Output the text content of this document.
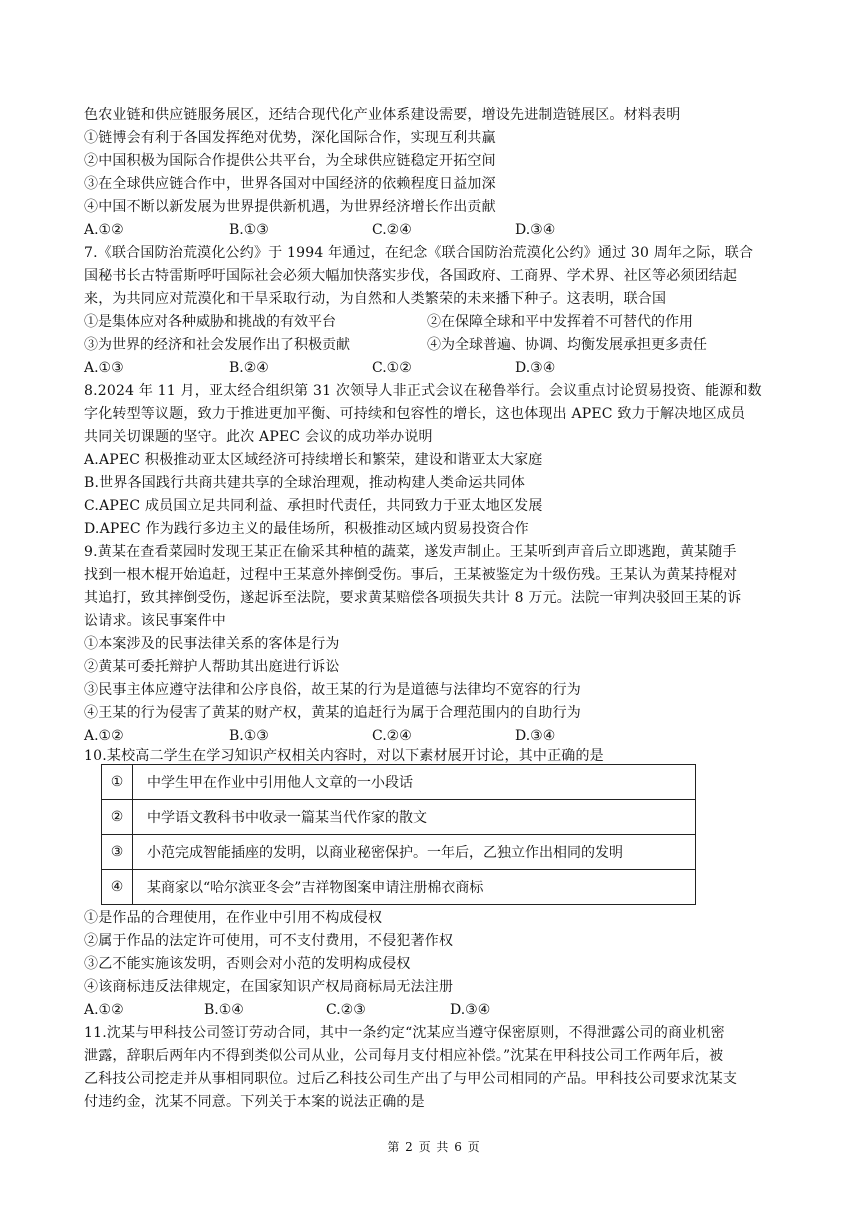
色农业链和供应链服务展区，还结合现代化产业体系建设需要，增设先进制造链展区。材料表明
①链博会有利于各国发挥绝对优势，深化国际合作，实现互利共赢
②中国积极为国际合作提供公共平台，为全球供应链稳定开拓空间
③在全球供应链合作中，世界各国对中国经济的依赖程度日益加深
④中国不断以新发展为世界提供新机遇，为世界经济增长作出贡献
A.①②	B.①③	C.②④	D.③④
7.《联合国防治荒漠化公约》于 1994 年通过，在纪念《联合国防治荒漠化公约》通过 30 周年之际，联合
国秘书长古特雷斯呼吁国际社会必须大幅加快落实步伐，各国政府、工商界、学术界、社区等必须团结起
来，为共同应对荒漠化和干旱采取行动，为自然和人类繁荣的未来播下种子。这表明，联合国
①是集体应对各种威胁和挑战的有效平台	②在保障全球和平中发挥着不可替代的作用
③为世界的经济和社会发展作出了积极贡献	④为全球普遍、协调、均衡发展承担更多责任
A.①③	B.②④	C.①②	D.③④
8.2024 年 11 月，亚太经合组织第 31 次领导人非正式会议在秘鲁举行。会议重点讨论贸易投资、能源和数
字化转型等议题，致力于推进更加平衡、可持续和包容性的增长，这也体现出 APEC 致力于解决地区成员
共同关切课题的坚守。此次 APEC 会议的成功举办说明
A.APEC 积极推动亚太区域经济可持续增长和繁荣，建设和谐亚太大家庭
B.世界各国践行共商共建共享的全球治理观，推动构建人类命运共同体
C.APEC 成员国立足共同利益、承担时代责任，共同致力于亚太地区发展
D.APEC 作为践行多边主义的最佳场所，积极推动区域内贸易投资合作
9.黄某在查看菜园时发现王某正在偷采其种植的蔬菜，遂发声制止。王某听到声音后立即逃跑，黄某随手
找到一根木棍开始追赶，过程中王某意外摔倒受伤。事后，王某被鉴定为十级伤残。王某认为黄某持棍对
其追打，致其摔倒受伤，遂起诉至法院，要求黄某赔偿各项损失共计 8 万元。法院一审判决驳回王某的诉
讼请求。该民事案件中
①本案涉及的民事法律关系的客体是行为
②黄某可委托辩护人帮助其出庭进行诉讼
③民事主体应遵守法律和公序良俗，故王某的行为是道德与法律均不宽容的行为
④王某的行为侵害了黄某的财产权，黄某的追赶行为属于合理范围内的自助行为
A.①②	B.①③	C.②④	D.③④
10.某校高二学生在学习知识产权相关内容时，对以下素材展开讨论，其中正确的是
①	中学生甲在作业中引用他人文章的一小段话
②	中学语文教科书中收录一篇某当代作家的散文
③	小范完成智能插座的发明，以商业秘密保护。一年后，乙独立作出相同的发明
④	某商家以“哈尔滨亚冬会”吉祥物图案申请注册棉衣商标
①是作品的合理使用，在作业中引用不构成侵权
②属于作品的法定许可使用，可不支付费用，不侵犯著作权
③乙不能实施该发明，否则会对小范的发明构成侵权
④该商标违反法律规定，在国家知识产权局商标局无法注册
A.①②	B.①④	C.②③	D.③④
11.沈某与甲科技公司签订劳动合同，其中一条约定“沈某应当遵守保密原则，不得泄露公司的商业机密
泄露，辞职后两年内不得到类似公司从业，公司每月支付相应补偿。”沈某在甲科技公司工作两年后，被
乙科技公司挖走并从事相同职位。过后乙科技公司生产出了与甲公司相同的产品。甲科技公司要求沈某支
付违约金，沈某不同意。下列关于本案的说法正确的是
第 2 页 共 6 页
